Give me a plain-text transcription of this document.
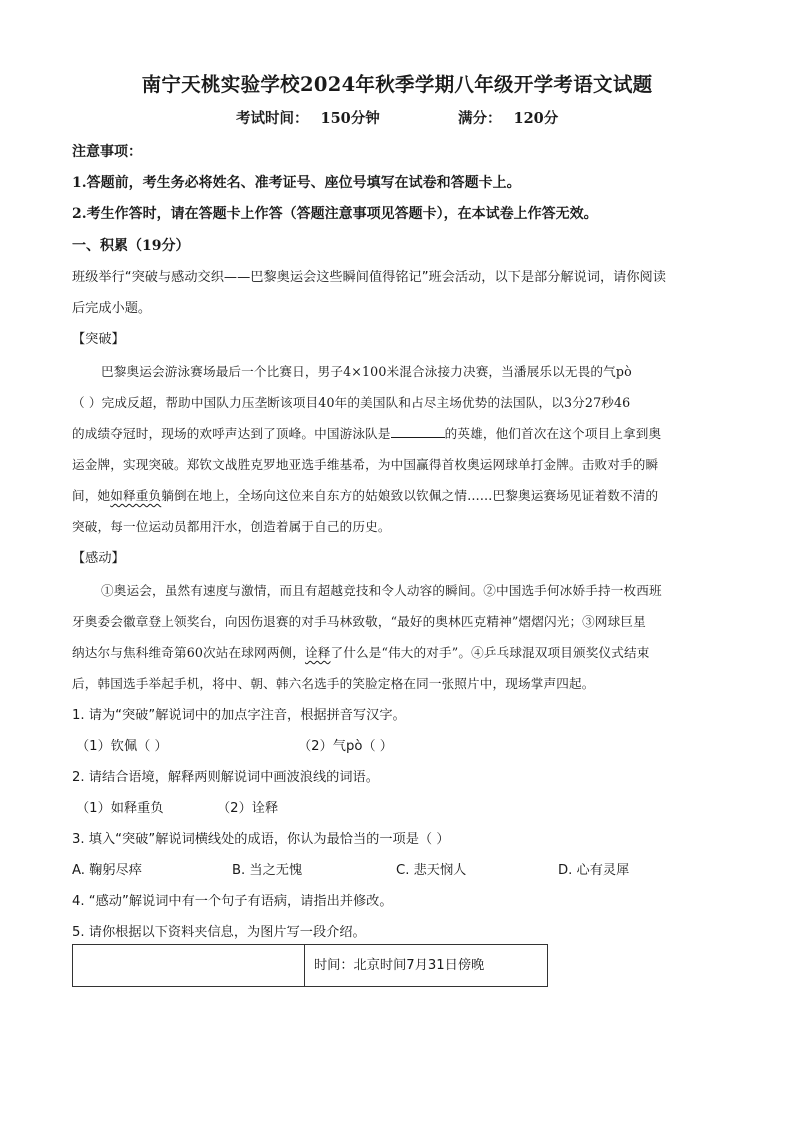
南宁天桃实验学校2024年秋季学期八年级开学考语文试题
考试时间： 150分钟	满分： 120分
注意事项：
1.答题前，考生务必将姓名、准考证号、座位号填写在试卷和答题卡上。
2.考生作答时，请在答题卡上作答（答题注意事项见答题卡），在本试卷上作答无效。
一、积累（19分）
班级举行“突破与感动交织——巴黎奥运会这些瞬间值得铭记”班会活动，以下是部分解说词，请你阅读
后完成小题。
【突破】
巴黎奥运会游泳赛场最后一个比赛日，男子4×100米混合泳接力决赛，当潘展乐以无畏的气pò
（ ）完成反超，帮助中国队力压垄断该项目40年的美国队和占尽主场优势的法国队，以3分27秒46
的成绩夺冠时，现场的欢呼声达到了顶峰。中国游泳队是	的英雄，他们首次在这个项目上拿到奥
运金牌，实现突破。郑钦文战胜克罗地亚选手维基希，为中国赢得首枚奥运网球单打金牌。击败对手的瞬
间，她如释重负躺倒在地上，全场向这位来自东方的姑娘致以钦佩之情……巴黎奥运赛场见证着数不清的
突破，每一位运动员都用汗水，创造着属于自己的历史。
【感动】
①奥运会，虽然有速度与激情，而且有超越竞技和令人动容的瞬间。②中国选手何冰娇手持一枚西班
牙奥委会徽章登上领奖台，向因伤退赛的对手马林致敬，“最好的奥林匹克精神”熠熠闪光；③网球巨星
纳达尔与焦科维奇第60次站在球网两侧，诠释了什么是“伟大的对手”。④乒乓球混双项目颁奖仪式结束
后，韩国选手举起手机，将中、朝、韩六名选手的笑脸定格在同一张照片中，现场掌声四起。
1. 请为“突破”解说词中的加点字注音，根据拼音写汉字。
（1）钦佩（ ）	（2）气pò（ ）
2. 请结合语境，解释两则解说词中画波浪线的词语。
（1）如释重负	（2）诠释
3. 填入“突破”解说词横线处的成语，你认为最恰当的一项是（ ）
A. 鞠躬尽瘁	B. 当之无愧	C. 悲天悯人	D. 心有灵犀
4. “感动”解说词中有一个句子有语病，请指出并修改。
5. 请你根据以下资料夹信息，为图片写一段介绍。
时间：北京时间7月31日傍晚
